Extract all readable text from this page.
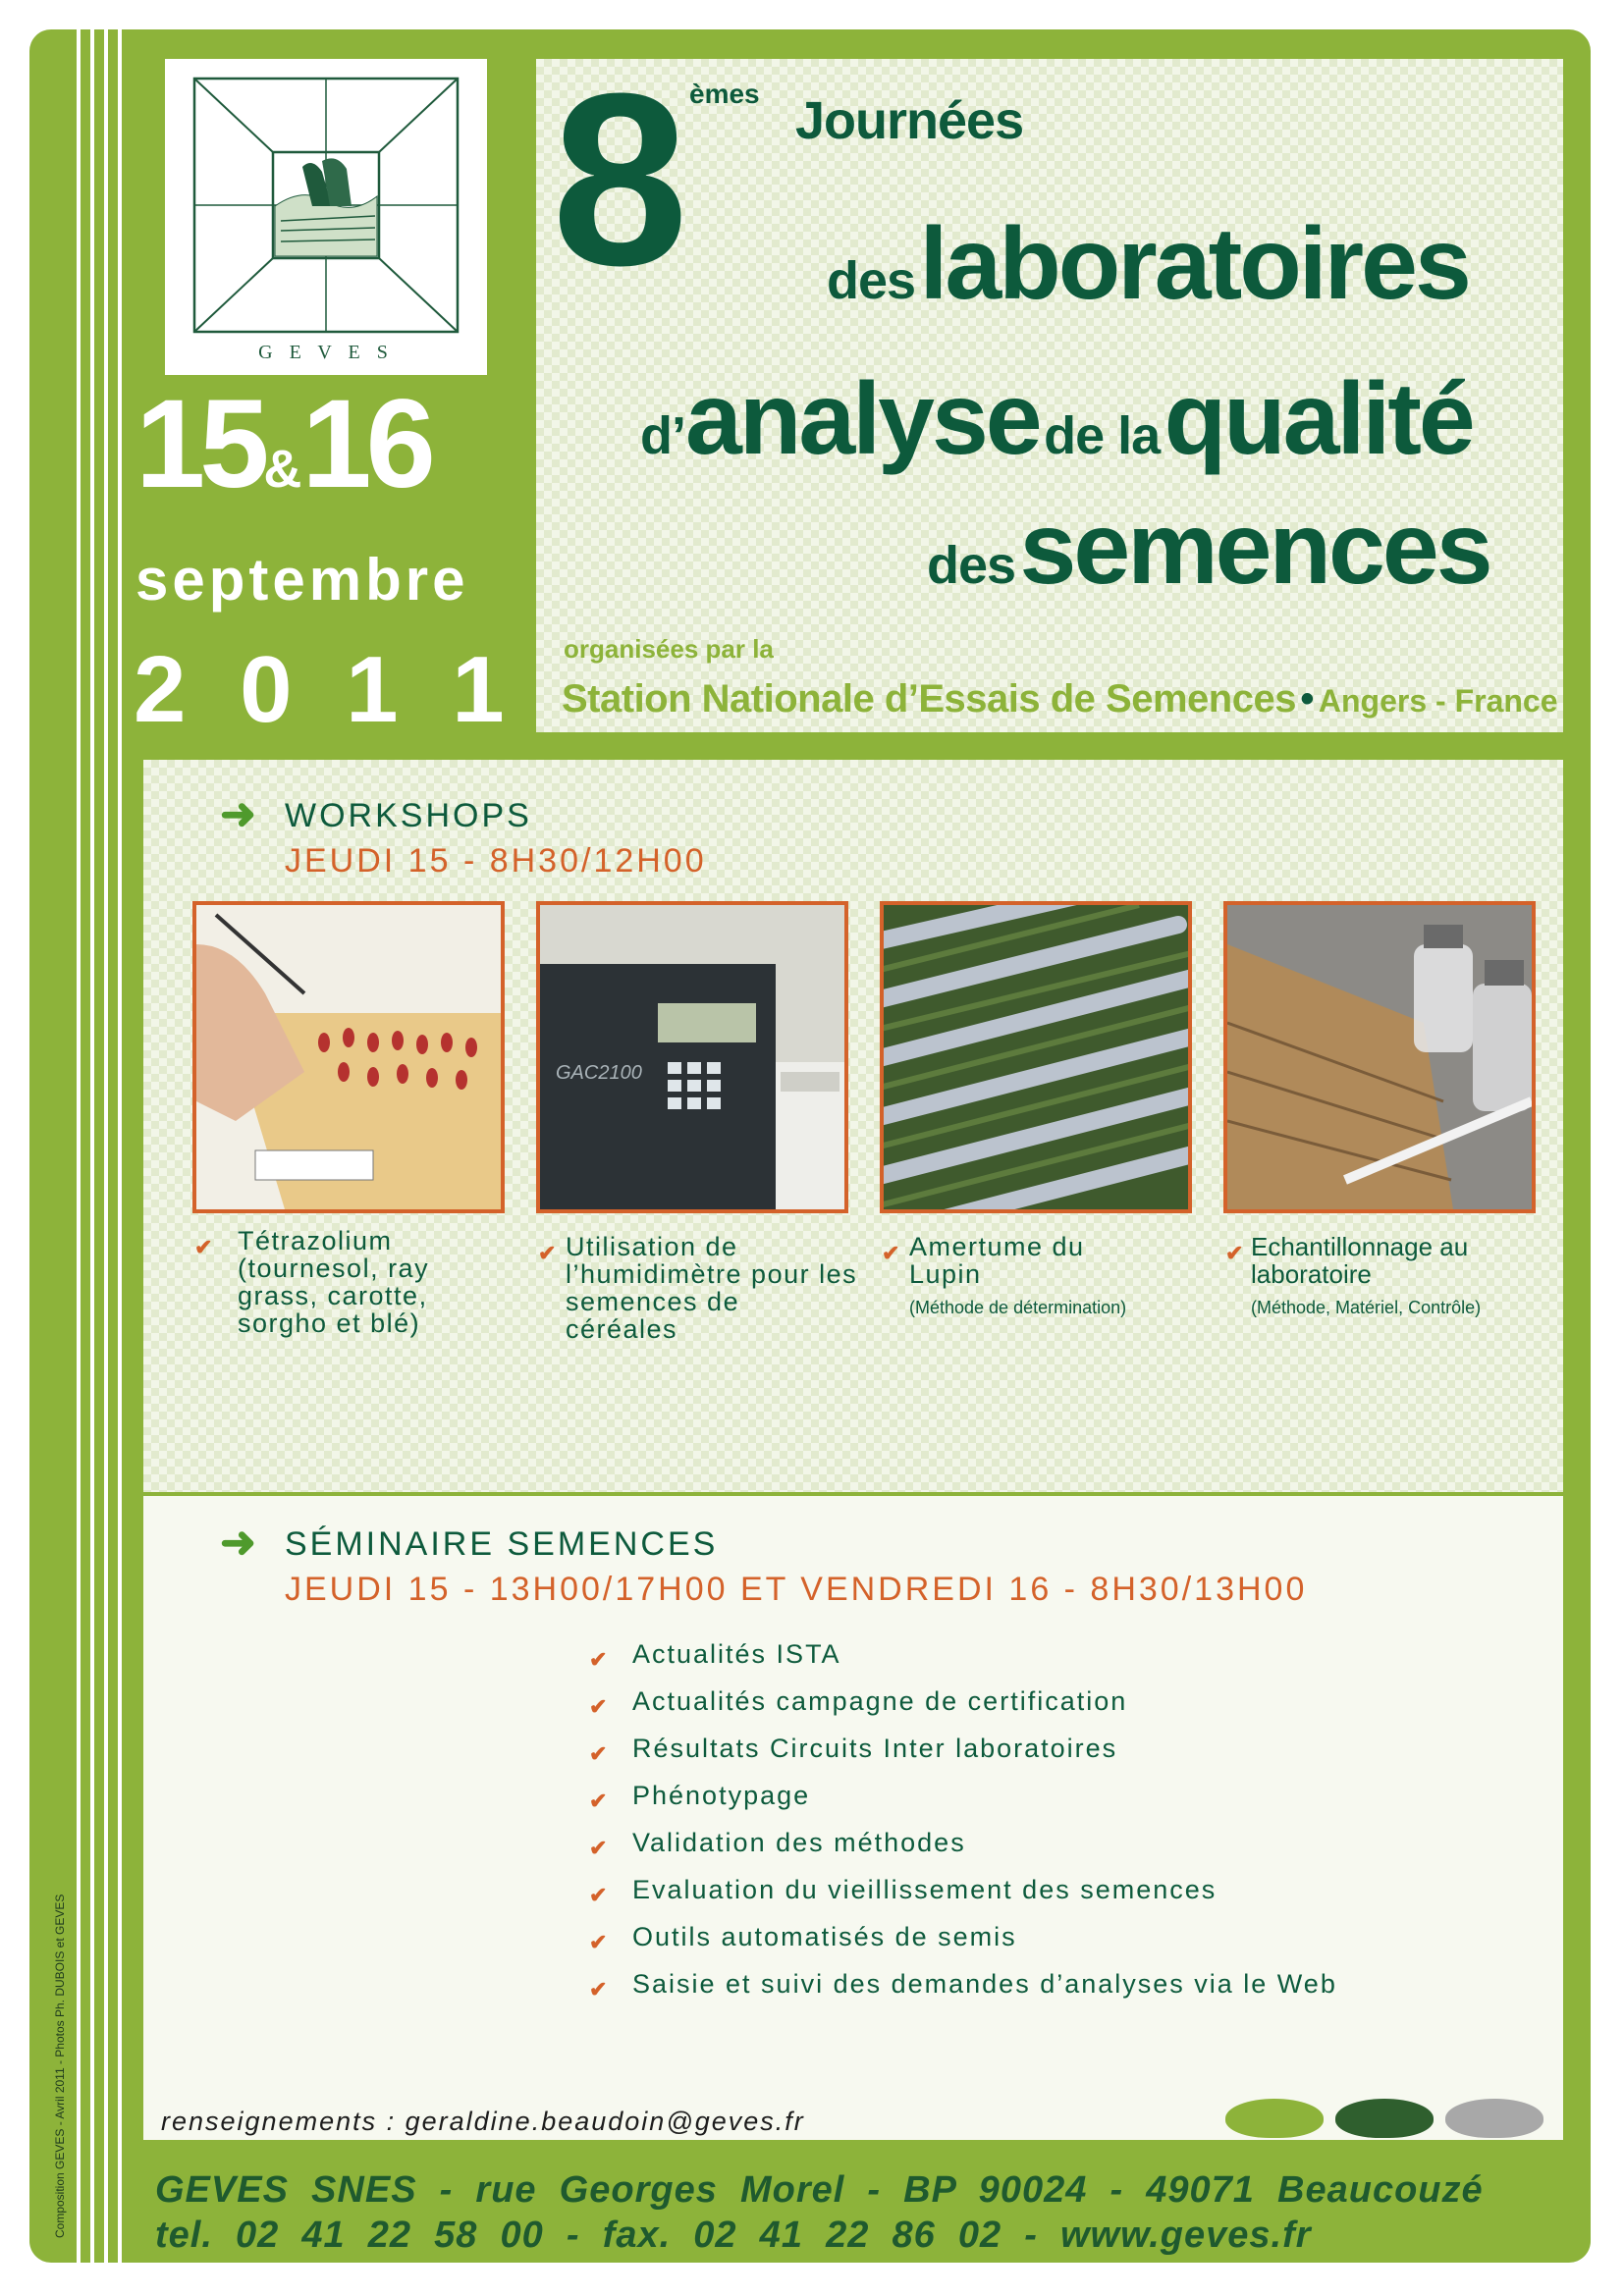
G E V E S
15&16
septembre
2 0 1 1
8 èmes Journées
des laboratoires
d’analyse de la qualité
des semences
organisées par la
Station Nationale d’Essais de Semences • Angers - France
➜ WORKSHOPS
JEUDI 15 - 8H30/12H00
GAC2100
✔ Tétrazolium (tournesol, ray grass, carotte, sorgho et blé)
✔ Utilisation de l’humidimètre pour les semences de céréales
✔ Amertume du Lupin
(Méthode de détermination)
✔ Echantillonnage au laboratoire
(Méthode, Matériel, Contrôle)
➜ SÉMINAIRE SEMENCES
JEUDI 15 - 13H00/17H00 ET VENDREDI 16 - 8H30/13H00
✔ Actualités ISTA
✔ Actualités campagne de certification
✔ Résultats Circuits Inter laboratoires
✔ Phénotypage
✔ Validation des méthodes
✔ Evaluation du vieillissement des semences
✔ Outils automatisés de semis
✔ Saisie et suivi des demandes d’analyses via le Web
renseignements : geraldine.beaudoin@geves.fr
GEVES  SNES  -  rue  Georges  Morel  -  BP  90024  -  49071  Beaucouzé
tel.  02  41  22  58  00  -  fax.  02  41  22  86  02  -  www.geves.fr
Composition GEVES - Avril 2011 - Photos Ph. DUBOIS et GEVES
